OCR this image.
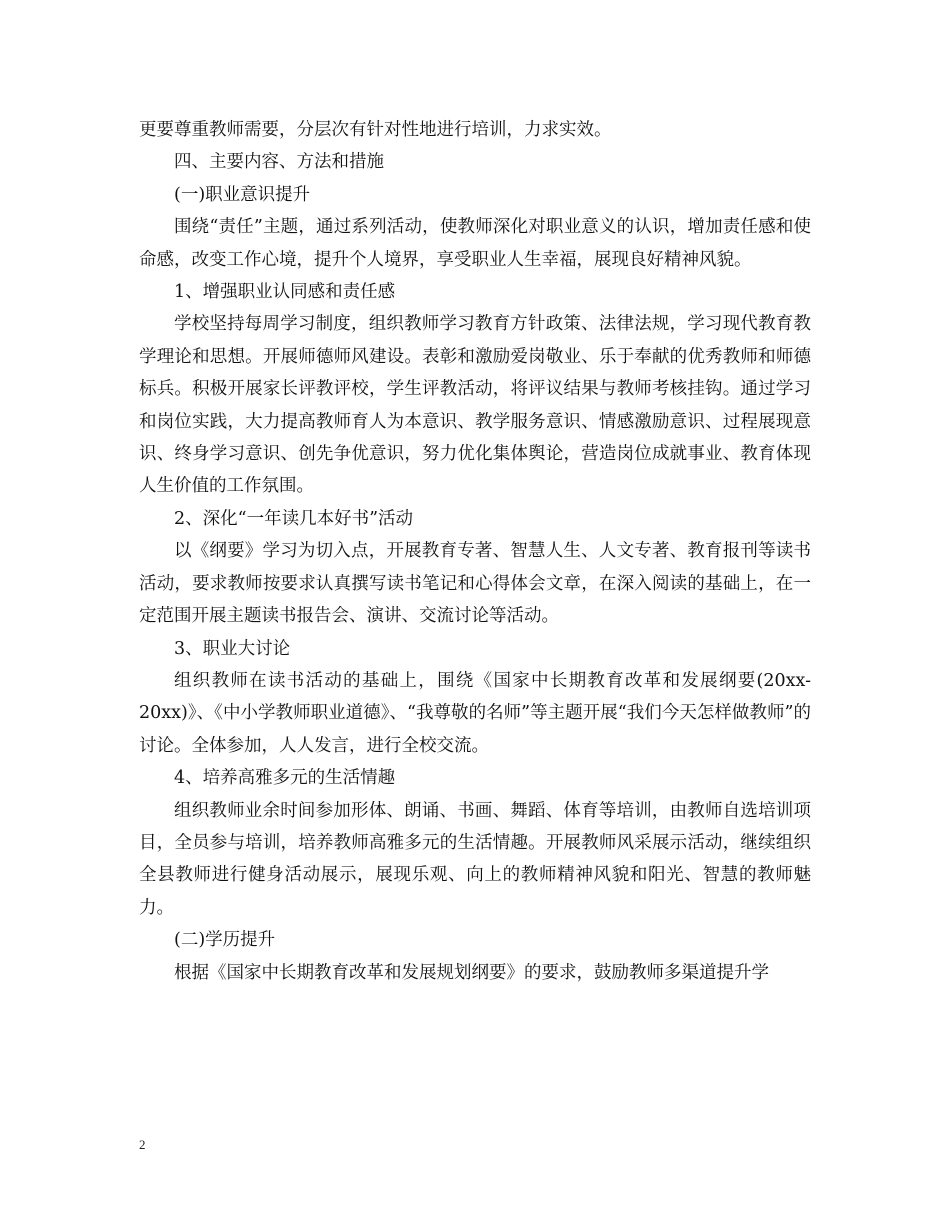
更要尊重教师需要，分层次有针对性地进行培训，力求实效。

四、主要内容、方法和措施

(一)职业意识提升

围绕“责任”主题，通过系列活动，使教师深化对职业意义的认识，增加责任感和使命感，改变工作心境，提升个人境界，享受职业人生幸福，展现良好精神风貌。

1、增强职业认同感和责任感

学校坚持每周学习制度，组织教师学习教育方针政策、法律法规，学习现代教育教学理论和思想。开展师德师风建设。表彰和激励爱岗敬业、乐于奉献的优秀教师和师德标兵。积极开展家长评教评校，学生评教活动，将评议结果与教师考核挂钩。通过学习和岗位实践，大力提高教师育人为本意识、教学服务意识、情感激励意识、过程展现意识、终身学习意识、创先争优意识，努力优化集体舆论，营造岗位成就事业、教育体现人生价值的工作氛围。

2、深化“一年读几本好书”活动

以《纲要》学习为切入点，开展教育专著、智慧人生、人文专著、教育报刊等读书活动，要求教师按要求认真撰写读书笔记和心得体会文章，在深入阅读的基础上，在一定范围开展主题读书报告会、演讲、交流讨论等活动。

3、职业大讨论

组织教师在读书活动的基础上，围绕《国家中长期教育改革和发展纲要(20xx-20xx)》、《中小学教师职业道德》、“我尊敬的名师”等主题开展“我们今天怎样做教师”的讨论。全体参加，人人发言，进行全校交流。

4、培养高雅多元的生活情趣

组织教师业余时间参加形体、朗诵、书画、舞蹈、体育等培训，由教师自选培训项目，全员参与培训，培养教师高雅多元的生活情趣。开展教师风采展示活动，继续组织全县教师进行健身活动展示，展现乐观、向上的教师精神风貌和阳光、智慧的教师魅力。

(二)学历提升

根据《国家中长期教育改革和发展规划纲要》的要求，鼓励教师多渠道提升学

2
